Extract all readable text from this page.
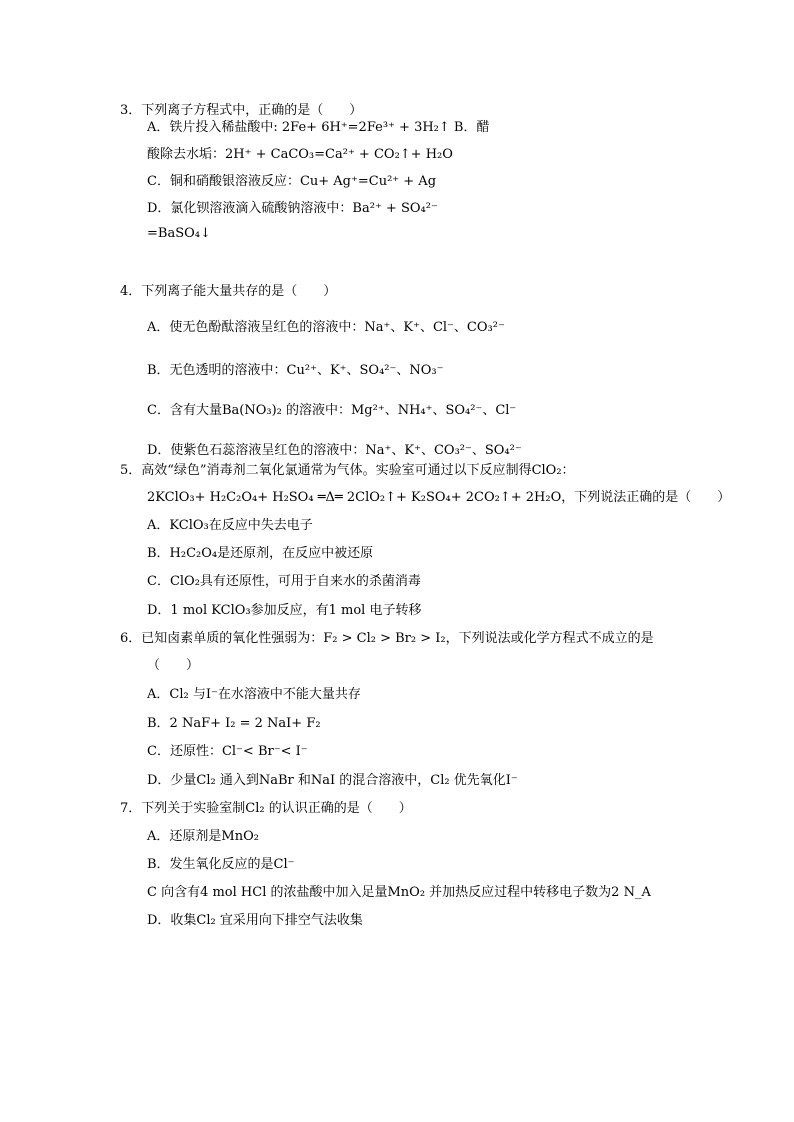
3．下列离子方程式中，正确的是（　　）
A．铁片投入稀盐酸中: 2Fe+ 6H⁺=2Fe³⁺ + 3H₂↑ B．醋
酸除去水垢：2H⁺ + CaCO₃=Ca²⁺ + CO₂↑+ H₂O
C．铜和硝酸银溶液反应：Cu+ Ag⁺=Cu²⁺ + Ag
D．氯化钡溶液滴入硫酸钠溶液中：Ba²⁺ + SO₄²⁻
=BaSO₄↓
4．下列离子能大量共存的是（　　）
A．使无色酚酞溶液呈红色的溶液中：Na⁺、K⁺、Cl⁻、CO₃²⁻
B．无色透明的溶液中：Cu²⁺、K⁺、SO₄²⁻、NO₃⁻
C．含有大量Ba(NO₃)₂ 的溶液中：Mg²⁺、NH₄⁺、SO₄²⁻、Cl⁻
D．使紫色石蕊溶液呈红色的溶液中：Na⁺、K⁺、CO₃²⁻、SO₄²⁻
5．高效“绿色”消毒剂二氧化氯通常为气体。实验室可通过以下反应制得ClO₂：
2KClO₃+ H₂C₂O₄+ H₂SO₄ ═Δ═ 2ClO₂↑+ K₂SO₄+ 2CO₂↑+ 2H₂O，下列说法正确的是（　　）
A．KClO₃在反应中失去电子
B．H₂C₂O₄是还原剂，在反应中被还原
C．ClO₂具有还原性，可用于自来水的杀菌消毒
D．1 mol KClO₃参加反应，有1 mol 电子转移
6．已知卤素单质的氧化性强弱为：F₂ > Cl₂ > Br₂ > I₂，下列说法或化学方程式不成立的是
（　　）
A．Cl₂ 与I⁻在水溶液中不能大量共存
B．2 NaF+ I₂ = 2 NaI+ F₂
C．还原性：Cl⁻< Br⁻< I⁻
D．少量Cl₂ 通入到NaBr 和NaI 的混合溶液中，Cl₂ 优先氧化I⁻
7．下列关于实验室制Cl₂ 的认识正确的是（　　）
A．还原剂是MnO₂
B．发生氧化反应的是Cl⁻
C 向含有4 mol HCl 的浓盐酸中加入足量MnO₂ 并加热反应过程中转移电子数为2 N_A
D．收集Cl₂ 宜采用向下排空气法收集
